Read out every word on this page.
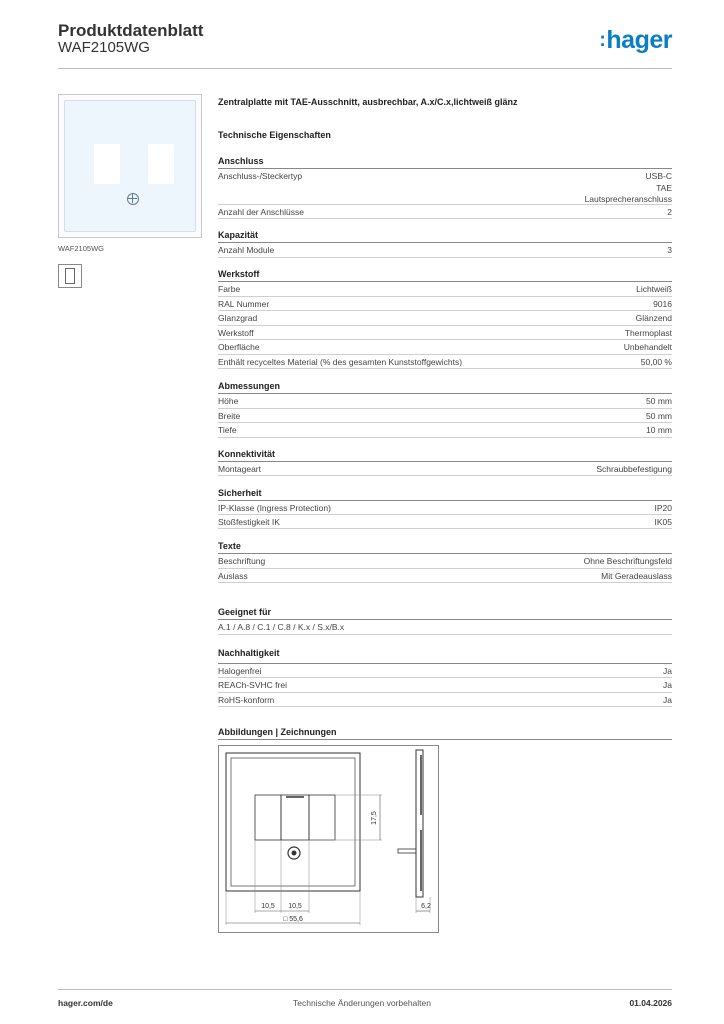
Produktdatenblatt
WAF2105WG	:hager
WAF2105WG
Zentralplatte mit TAE-Ausschnitt, ausbrechbar, A.x/C.x,lichtweiß glänz
Technische Eigenschaften
Anschluss
Anschluss-/Steckertyp	USB-C
TAE
Lautsprecheranschluss
Anzahl der Anschlüsse	2
Kapazität
Anzahl Module	3
Werkstoff
Farbe	Lichtweiß
RAL Nummer	9016
Glanzgrad	Glänzend
Werkstoff	Thermoplast
Oberfläche	Unbehandelt
Enthält recyceltes Material (% des gesamten Kunststoffgewichts)	50,00 %
Abmessungen
Höhe	50 mm
Breite	50 mm
Tiefe	10 mm
Konnektivität
Montageart	Schraubbefestigung
Sicherheit
IP-Klasse (Ingress Protection)	IP20
Stoßfestigkeit IK	IK05
Texte
Beschriftung	Ohne Beschriftungsfeld
Auslass	Mit Geradeauslass
Geeignet für
A.1 / A.8 / C.1 / C.8 / K.x / S.x/B.x
Nachhaltigkeit
Halogenfrei	Ja
REACh-SVHC frei	Ja
RoHS-konform	Ja
Abbildungen | Zeichnungen
17,5
10,5 10,5
□ 55,6
6,2
hager.com/de	Technische Änderungen vorbehalten	01.04.2026
